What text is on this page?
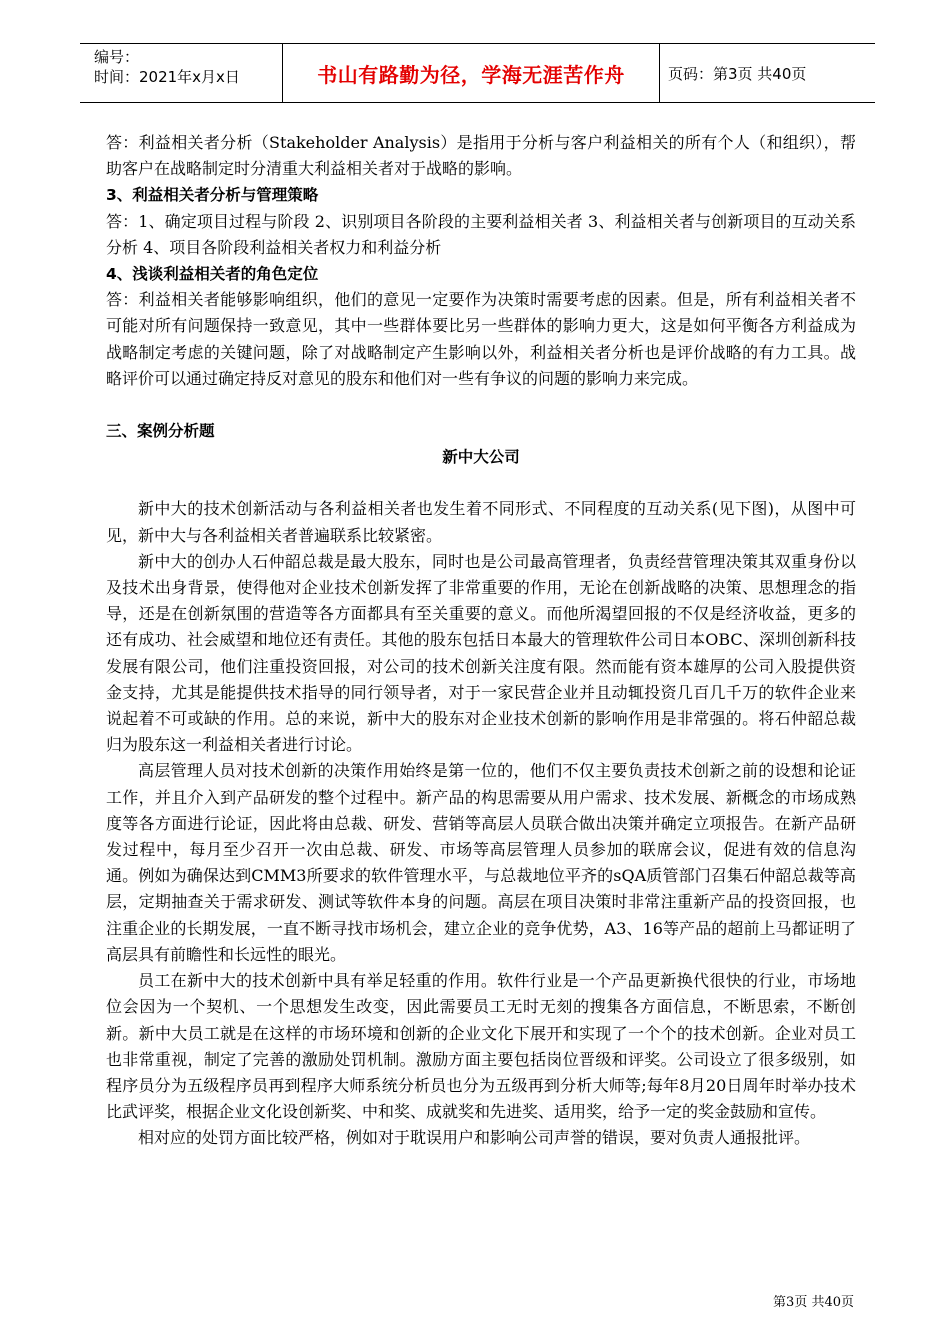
编号：
时间：2021年x月x日	书山有路勤为径，学海无涯苦作舟	页码：第3页 共40页

答：利益相关者分析（Stakeholder Analysis）是指用于分析与客户利益相关的所有个人（和组织），帮助客户在战略制定时分清重大利益相关者对于战略的影响。

3、利益相关者分析与管理策略

答：1、确定项目过程与阶段 2、识别项目各阶段的主要利益相关者 3、利益相关者与创新项目的互动关系分析 4、项目各阶段利益相关者权力和利益分析

4、浅谈利益相关者的角色定位

答：利益相关者能够影响组织，他们的意见一定要作为决策时需要考虑的因素。但是，所有利益相关者不可能对所有问题保持一致意见，其中一些群体要比另一些群体的影响力更大，这是如何平衡各方利益成为战略制定考虑的关键问题，除了对战略制定产生影响以外，利益相关者分析也是评价战略的有力工具。战略评价可以通过确定持反对意见的股东和他们对一些有争议的问题的影响力来完成。

三、案例分析题

新中大公司

新中大的技术创新活动与各利益相关者也发生着不同形式、不同程度的互动关系(见下图)，从图中可见，新中大与各利益相关者普遍联系比较紧密。

新中大的创办人石仲韶总裁是最大股东，同时也是公司最高管理者，负责经营管理决策其双重身份以及技术出身背景，使得他对企业技术创新发挥了非常重要的作用，无论在创新战略的决策、思想理念的指导，还是在创新氛围的营造等各方面都具有至关重要的意义。而他所渴望回报的不仅是经济收益，更多的还有成功、社会威望和地位还有责任。其他的股东包括日本最大的管理软件公司日本OBC、深圳创新科技发展有限公司，他们注重投资回报，对公司的技术创新关注度有限。然而能有资本雄厚的公司入股提供资金支持，尤其是能提供技术指导的同行领导者，对于一家民营企业并且动辄投资几百几千万的软件企业来说起着不可或缺的作用。总的来说，新中大的股东对企业技术创新的影响作用是非常强的。将石仲韶总裁归为股东这一利益相关者进行讨论。

高层管理人员对技术创新的决策作用始终是第一位的，他们不仅主要负责技术创新之前的设想和论证工作，并且介入到产品研发的整个过程中。新产品的构思需要从用户需求、技术发展、新概念的市场成熟度等各方面进行论证，因此将由总裁、研发、营销等高层人员联合做出决策并确定立项报告。在新产品研发过程中，每月至少召开一次由总裁、研发、市场等高层管理人员参加的联席会议，促进有效的信息沟通。例如为确保达到CMM3所要求的软件管理水平，与总裁地位平齐的sQA质管部门召集石仲韶总裁等高层，定期抽查关于需求研发、测试等软件本身的问题。高层在项目决策时非常注重新产品的投资回报，也注重企业的长期发展，一直不断寻找市场机会，建立企业的竞争优势，A3、16等产品的超前上马都证明了高层具有前瞻性和长远性的眼光。

员工在新中大的技术创新中具有举足轻重的作用。软件行业是一个产品更新换代很快的行业，市场地位会因为一个契机、一个思想发生改变，因此需要员工无时无刻的搜集各方面信息，不断思索，不断创新。新中大员工就是在这样的市场环境和创新的企业文化下展开和实现了一个个的技术创新。企业对员工也非常重视，制定了完善的激励处罚机制。激励方面主要包括岗位晋级和评奖。公司设立了很多级别，如程序员分为五级程序员再到程序大师系统分析员也分为五级再到分析大师等;每年8月20日周年时举办技术比武评奖，根据企业文化设创新奖、中和奖、成就奖和先进奖、适用奖，给予一定的奖金鼓励和宣传。

相对应的处罚方面比较严格，例如对于耽误用户和影响公司声誉的错误，要对负责人通报批评。

第3页 共40页
